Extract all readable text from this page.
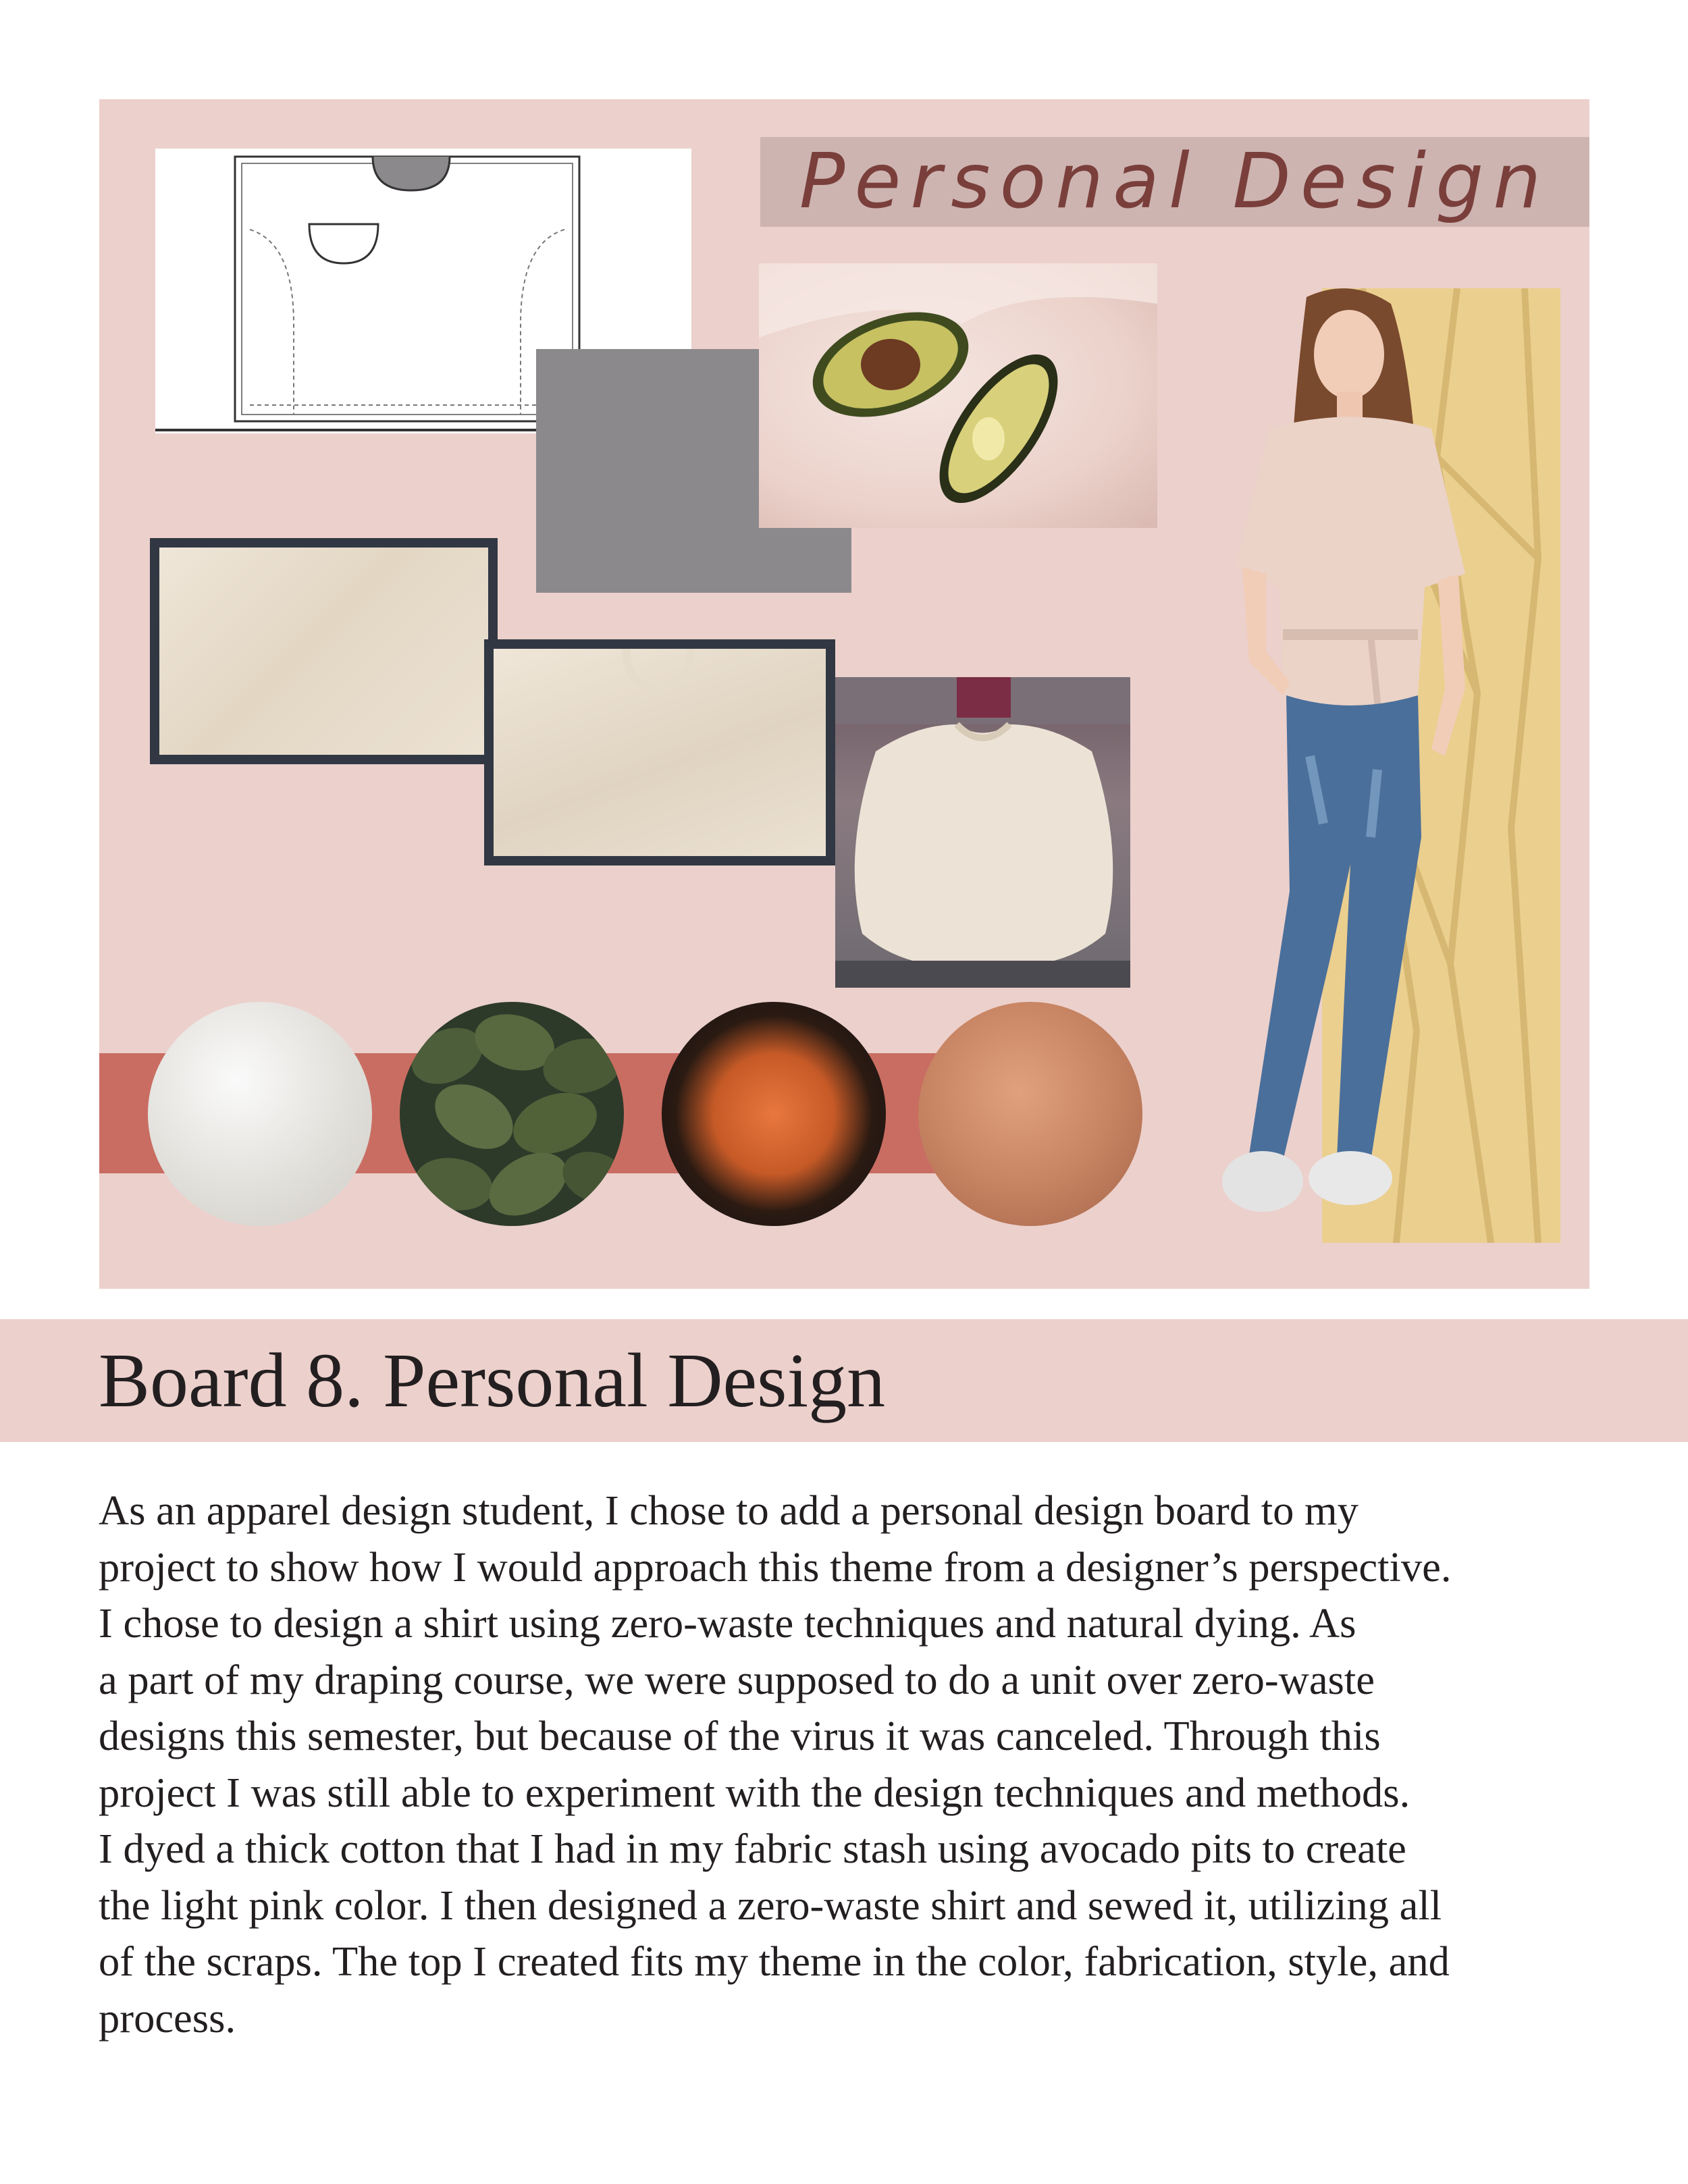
Personal Design
Board 8. Personal Design

As an apparel design student, I chose to add a personal design board to my
project to show how I would approach this theme from a designer’s perspective.
I chose to design a shirt using zero-waste techniques and natural dying. As
a part of my draping course, we were supposed to do a unit over zero-waste
designs this semester, but because of the virus it was canceled. Through this
project I was still able to experiment with the design techniques and methods.
I dyed a thick cotton that I had in my fabric stash using avocado pits to create
the light pink color. I then designed a zero-waste shirt and sewed it, utilizing all
of the scraps. The top I created fits my theme in the color, fabrication, style, and
process.
